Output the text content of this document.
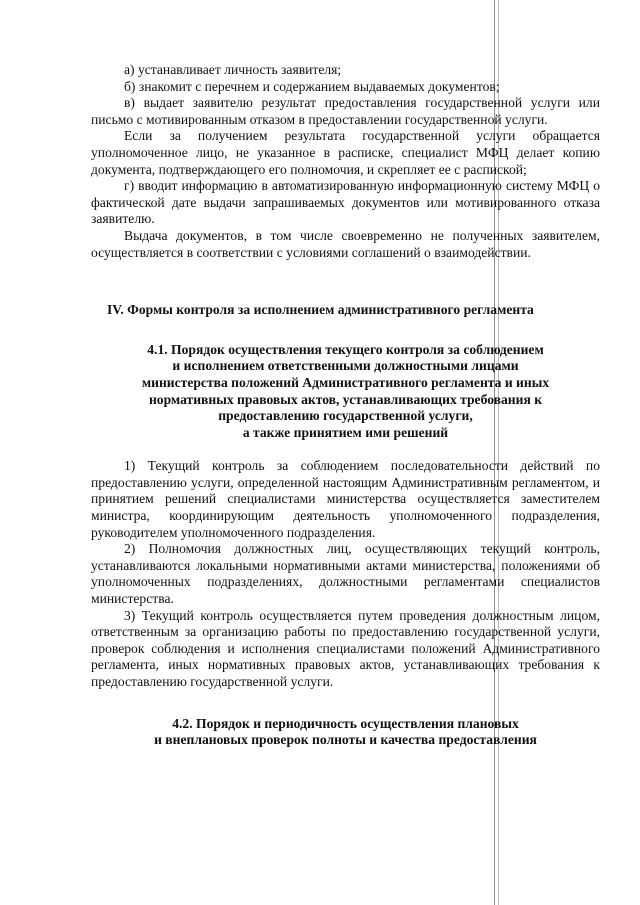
а) устанавливает личность заявителя;

б) знакомит с перечнем и содержанием выдаваемых документов;

в) выдает заявителю результат предоставления государственной услуги или письмо с мотивированным отказом в предоставлении государственной услуги.

Если за получением результата государственной услуги обращается уполномоченное лицо, не указанное в расписке, специалист МФЦ делает копию документа, подтверждающего его полномочия, и скрепляет ее с распиской;

г) вводит информацию в автоматизированную информационную систему МФЦ о фактической дате выдачи запрашиваемых документов или мотивированного отказа заявителю.

Выдача документов, в том числе своевременно не полученных заявителем, осуществляется в соответствии с условиями соглашений о взаимодействии.

IV. Формы контроля за исполнением административного регламента
4.1. Порядок осуществления текущего контроля за соблюдением
и исполнением ответственными должностными лицами
министерства положений Административного регламента и иных
нормативных правовых актов, устанавливающих требования к
предоставлению государственной услуги,
а также принятием ими решений

1) Текущий контроль за соблюдением последовательности действий по предоставлению услуги, определенной настоящим Административным регламентом, и принятием решений специалистами министерства осуществляется заместителем министра, координирующим деятельность уполномоченного подразделения, руководителем уполномоченного подразделения.

2) Полномочия должностных лиц, осуществляющих текущий контроль, устанавливаются локальными нормативными актами министерства, положениями об уполномоченных подразделениях, должностными регламентами специалистов министерства.

3) Текущий контроль осуществляется путем проведения должностным лицом, ответственным за организацию работы по предоставлению государственной услуги, проверок соблюдения и исполнения специалистами положений Административного регламента, иных нормативных правовых актов, устанавливающих требования к предоставлению государственной услуги.

4.2. Порядок и периодичность осуществления плановых
и внеплановых проверок полноты и качества предоставления
